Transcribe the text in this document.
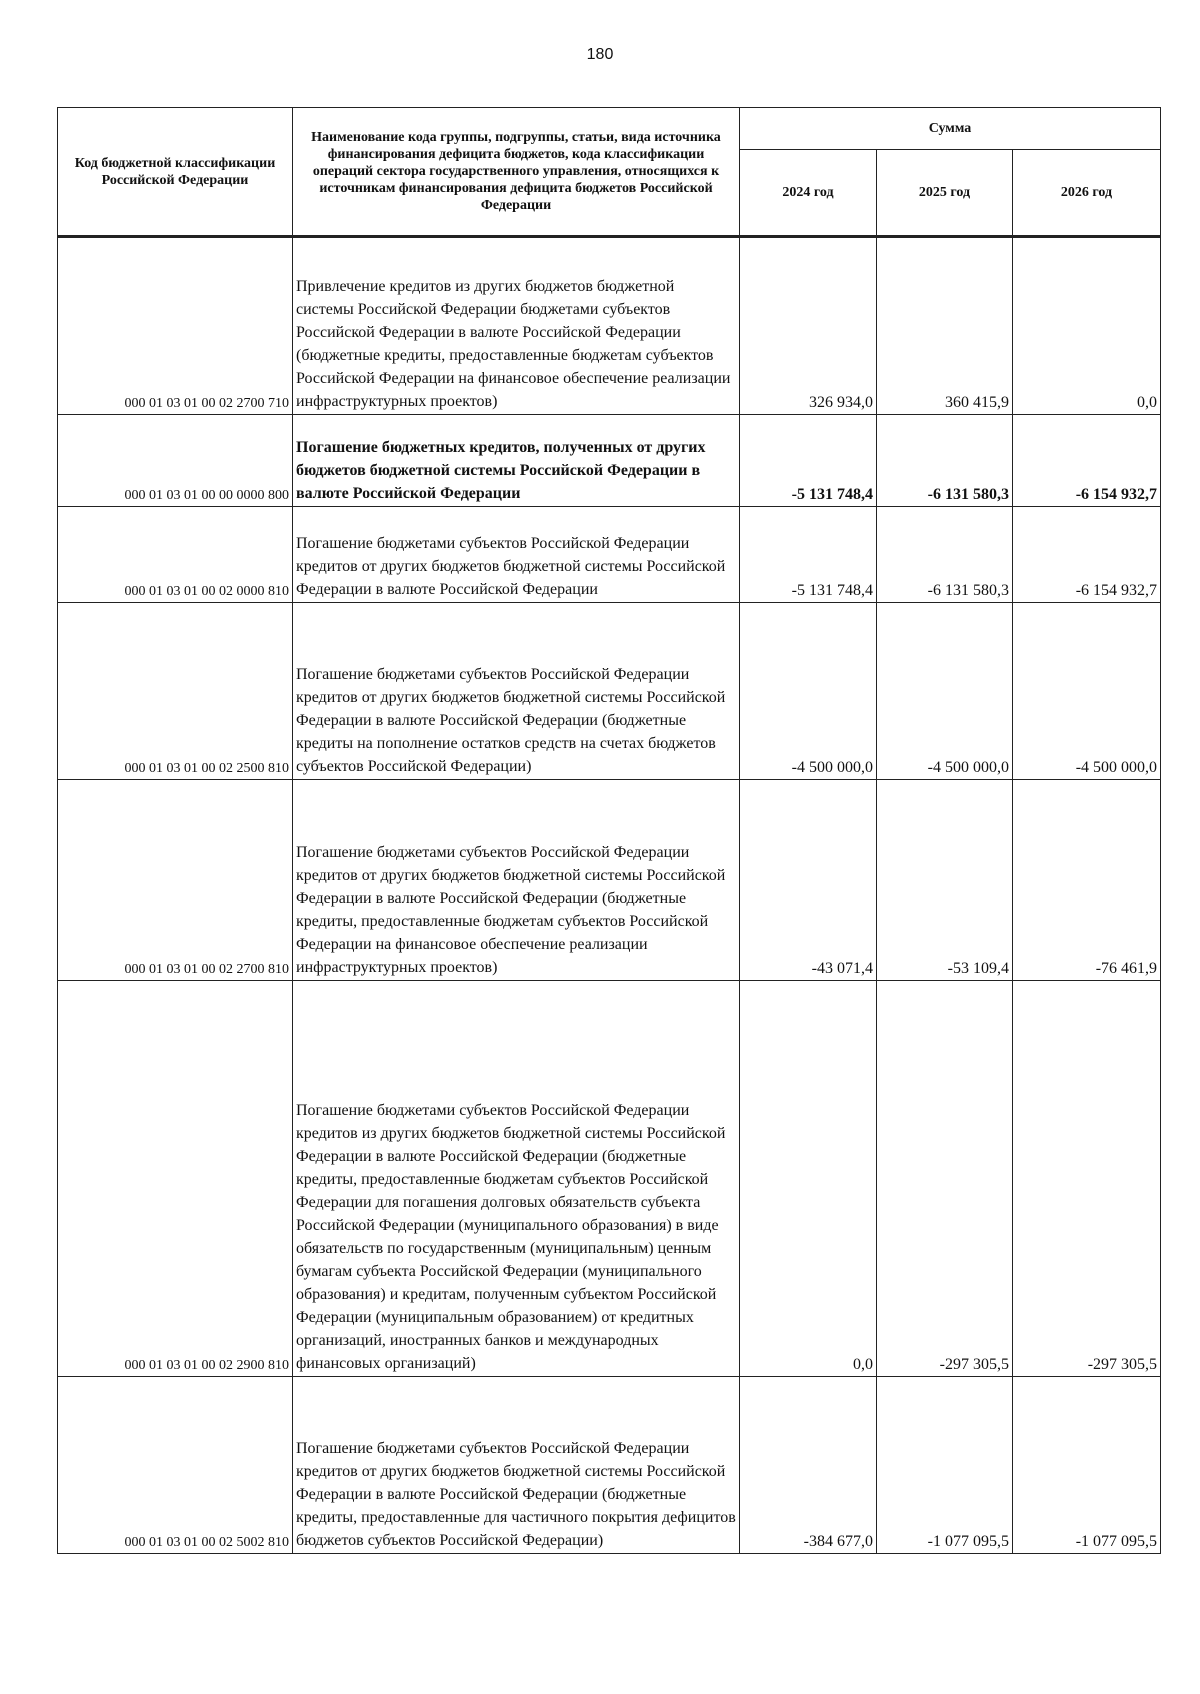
180
Код бюджетной классификации Российской Федерации	Наименование кода группы, подгруппы, статьи, вида источника финансирования дефицита бюджетов, кода классификации операций сектора государственного управления, относящихся к источникам финансирования дефицита бюджетов Российской Федерации	Сумма		
		2024 год	2025 год	2026 год
000 01 03 01 00 02 2700 710	Привлечение кредитов из других бюджетов бюджетной системы Российской Федерации бюджетами субъектов Российской Федерации в валюте Российской Федерации (бюджетные кредиты, предоставленные бюджетам субъектов Российской Федерации на финансовое обеспечение реализации инфраструктурных проектов)	326 934,0	360 415,9	0,0
000 01 03 01 00 00 0000 800	Погашение бюджетных кредитов, полученных от других бюджетов бюджетной системы Российской Федерации в валюте Российской Федерации	-5 131 748,4	-6 131 580,3	-6 154 932,7
000 01 03 01 00 02 0000 810	Погашение бюджетами субъектов Российской Федерации кредитов от других бюджетов бюджетной системы Российской Федерации в валюте Российской Федерации	-5 131 748,4	-6 131 580,3	-6 154 932,7
000 01 03 01 00 02 2500 810	Погашение бюджетами субъектов Российской Федерации кредитов от других бюджетов бюджетной системы Российской Федерации в валюте Российской Федерации (бюджетные кредиты на пополнение остатков средств на счетах бюджетов субъектов Российской Федерации)	-4 500 000,0	-4 500 000,0	-4 500 000,0
000 01 03 01 00 02 2700 810	Погашение бюджетами субъектов Российской Федерации кредитов от других бюджетов бюджетной системы Российской Федерации в валюте Российской Федерации (бюджетные кредиты, предоставленные бюджетам субъектов Российской Федерации на финансовое обеспечение реализации инфраструктурных проектов)	-43 071,4	-53 109,4	-76 461,9
000 01 03 01 00 02 2900 810	Погашение бюджетами субъектов Российской Федерации кредитов из других бюджетов бюджетной системы Российской Федерации в валюте Российской Федерации (бюджетные кредиты, предоставленные бюджетам субъектов Российской Федерации для погашения долговых обязательств субъекта Российской Федерации (муниципального образования) в виде обязательств по государственным (муниципальным) ценным бумагам субъекта Российской Федерации (муниципального образования) и кредитам, полученным субъектом Российской Федерации (муниципальным образованием) от кредитных организаций, иностранных банков и международных финансовых организаций)	0,0	-297 305,5	-297 305,5
000 01 03 01 00 02 5002 810	Погашение бюджетами субъектов Российской Федерации кредитов от других бюджетов бюджетной системы Российской Федерации в валюте Российской Федерации (бюджетные кредиты, предоставленные для частичного покрытия дефицитов бюджетов субъектов Российской Федерации)	-384 677,0	-1 077 095,5	-1 077 095,5
